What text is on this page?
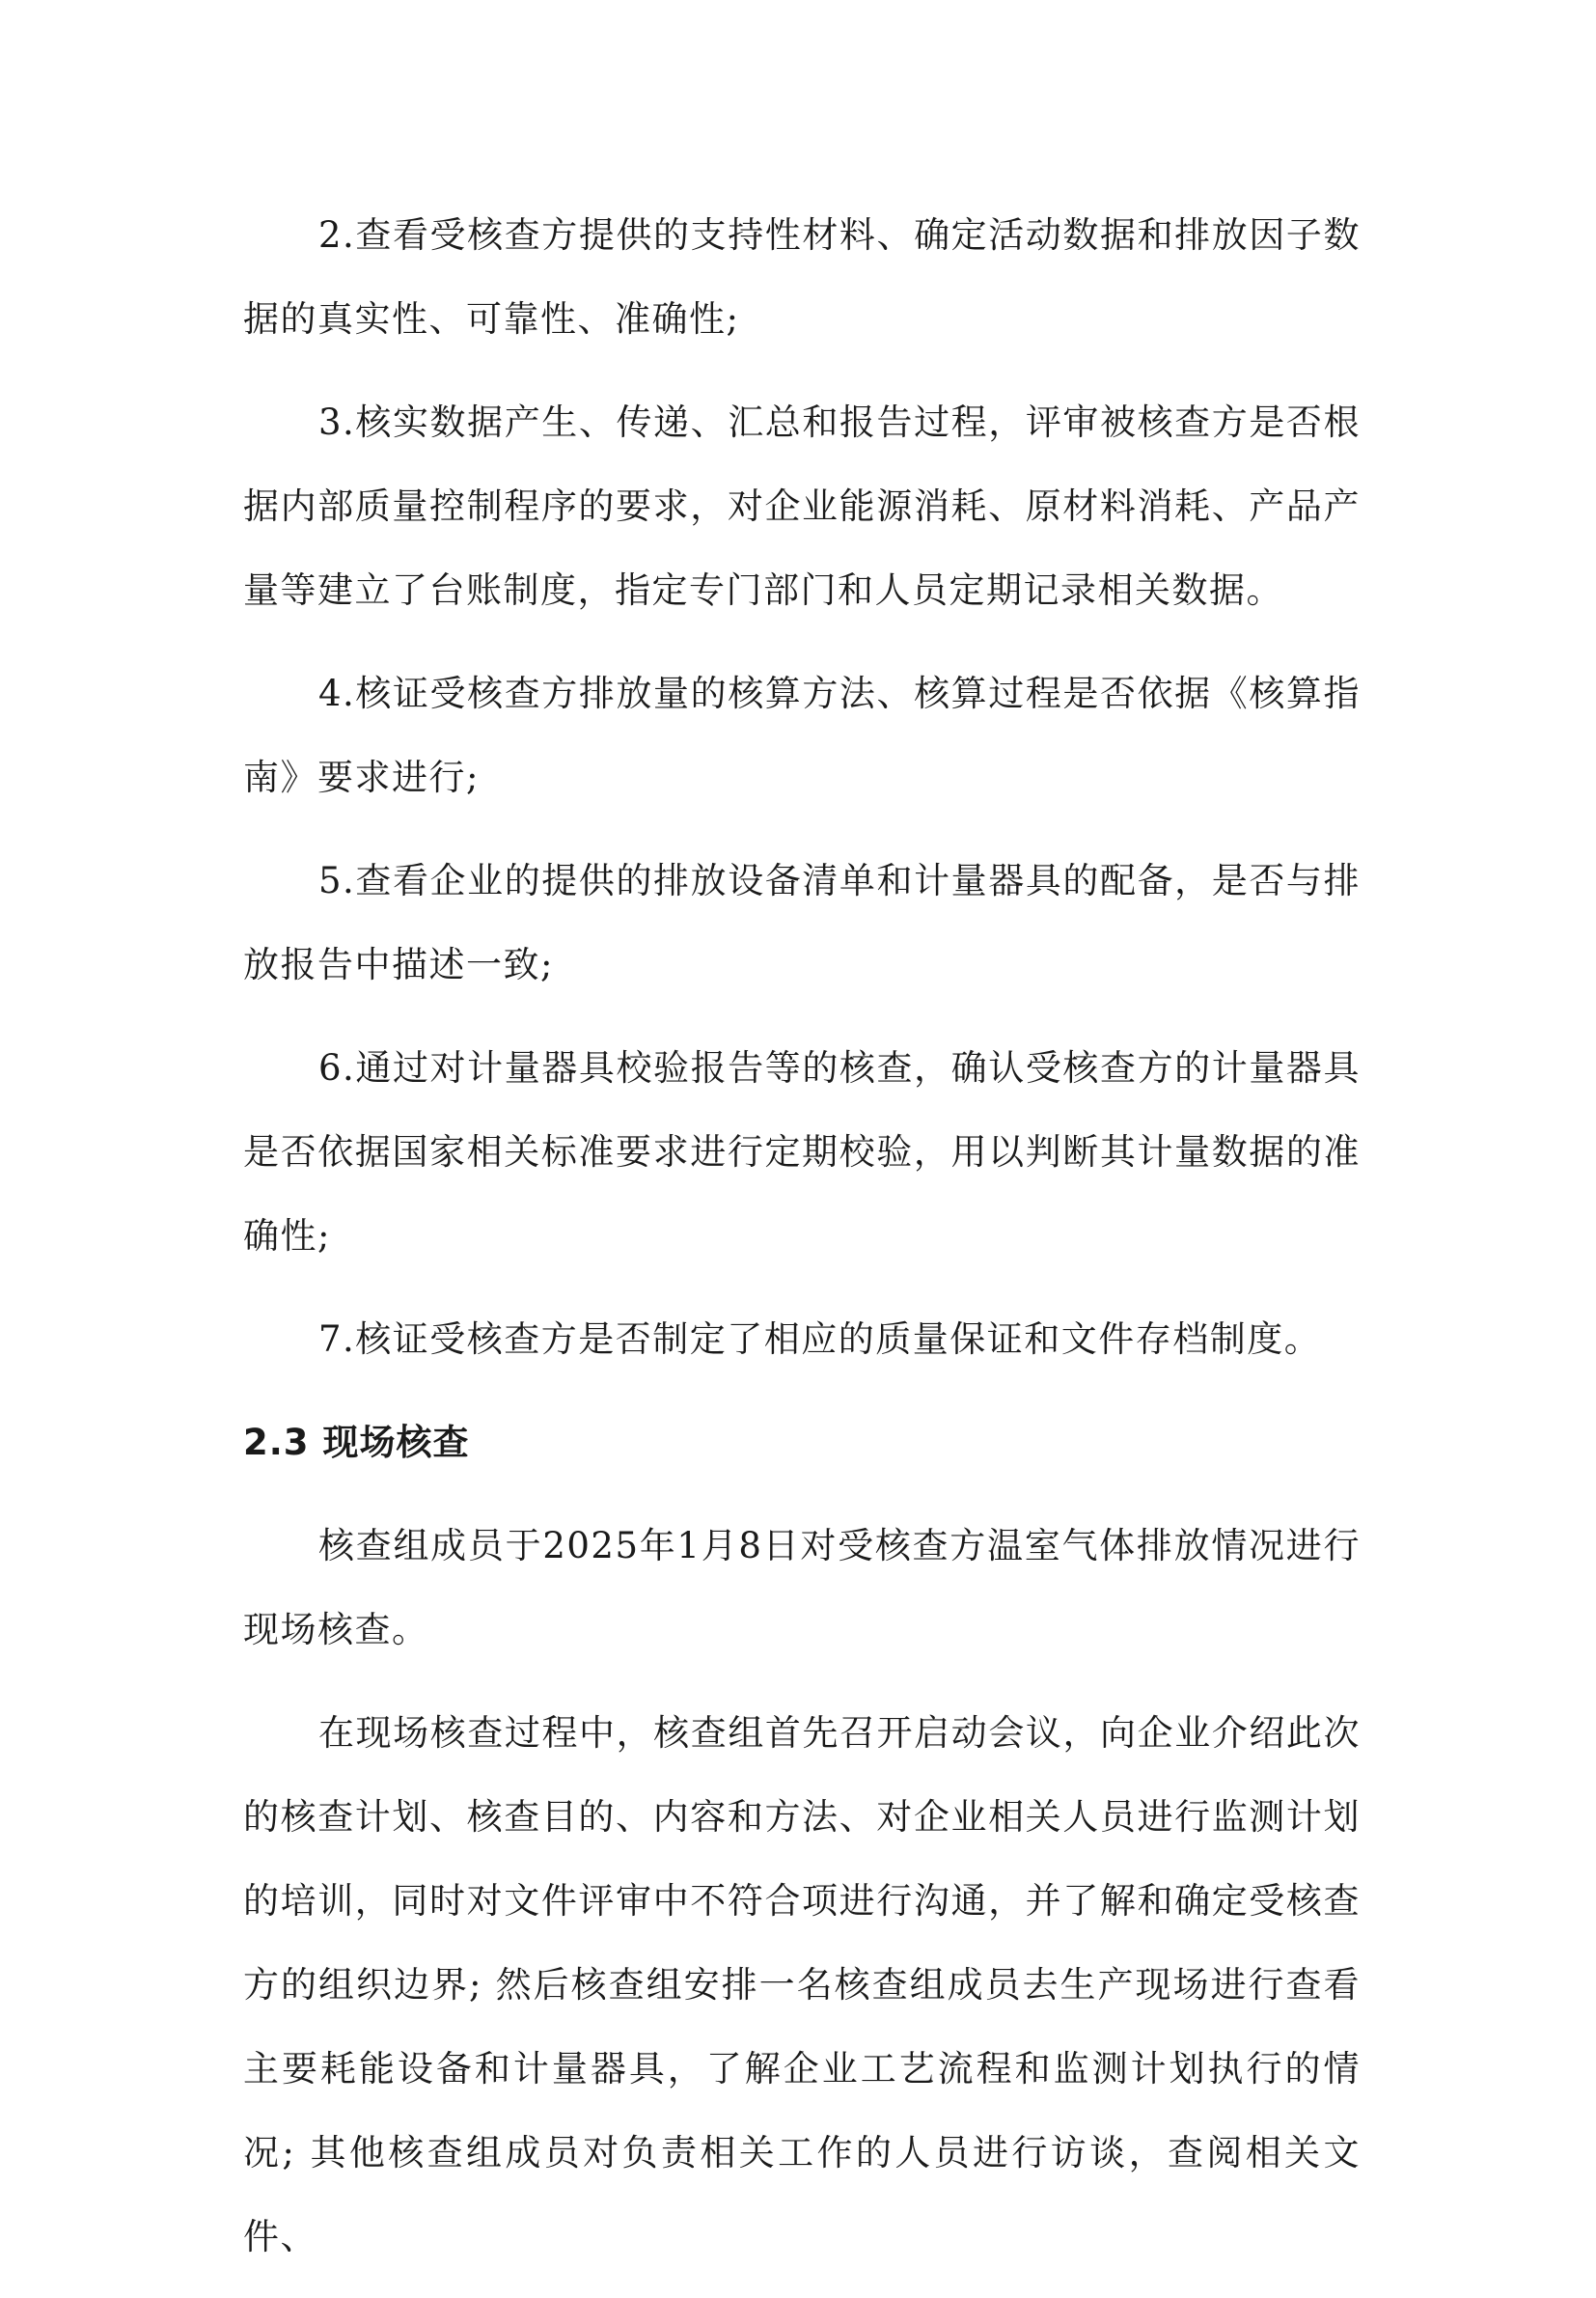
2.查看受核查方提供的支持性材料、确定活动数据和排放因子数据的真实性、可靠性、准确性;

3.核实数据产生、传递、汇总和报告过程，评审被核查方是否根据内部质量控制程序的要求，对企业能源消耗、原材料消耗、产品产量等建立了台账制度，指定专门部门和人员定期记录相关数据。

4.核证受核查方排放量的核算方法、核算过程是否依据《核算指南》要求进行;

5.查看企业的提供的排放设备清单和计量器具的配备，是否与排放报告中描述一致;

6.通过对计量器具校验报告等的核查，确认受核查方的计量器具是否依据国家相关标准要求进行定期校验，用以判断其计量数据的准确性;

7.核证受核查方是否制定了相应的质量保证和文件存档制度。

2.3 现场核查

核查组成员于2025年1月8日对受核查方温室气体排放情况进行现场核查。

在现场核查过程中，核查组首先召开启动会议，向企业介绍此次的核查计划、核查目的、内容和方法、对企业相关人员进行监测计划的培训，同时对文件评审中不符合项进行沟通，并了解和确定受核查方的组织边界; 然后核查组安排一名核查组成员去生产现场进行查看主要耗能设备和计量器具，了解企业工艺流程和监测计划执行的情况; 其他核查组成员对负责相关工作的人员进行访谈，查阅相关文件、
